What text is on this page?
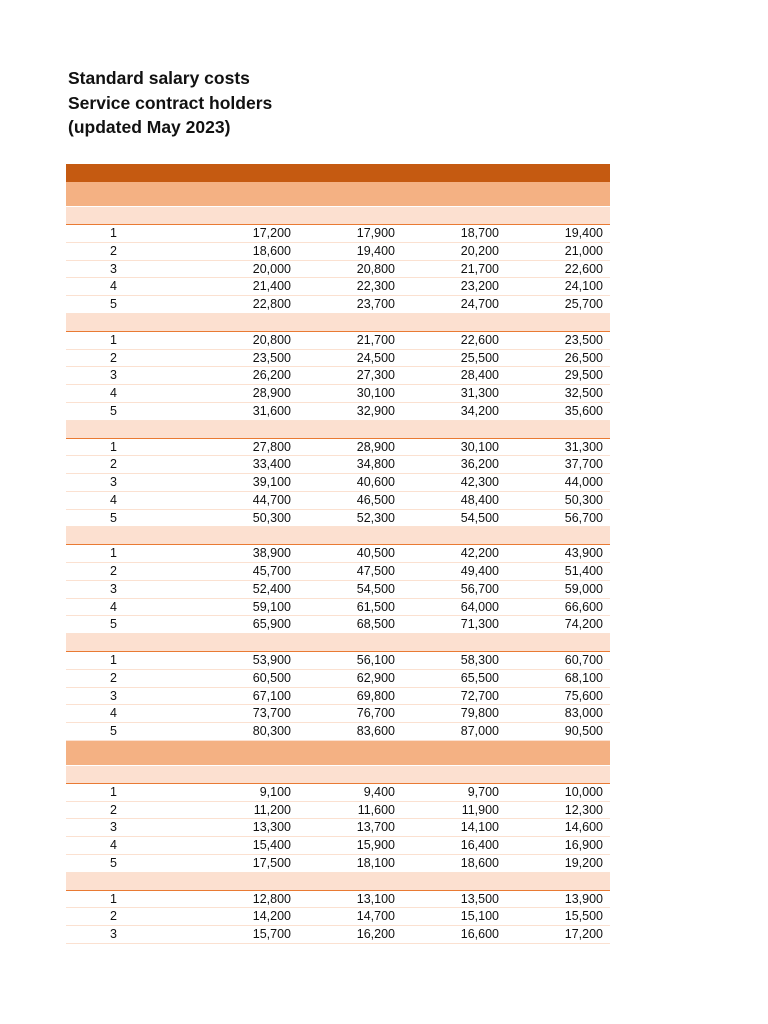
Standard salary costs
Service contract holders
(updated May 2023)
1	17,200	17,900	18,700	19,400
2	18,600	19,400	20,200	21,000
3	20,000	20,800	21,700	22,600
4	21,400	22,300	23,200	24,100
5	22,800	23,700	24,700	25,700
1	20,800	21,700	22,600	23,500
2	23,500	24,500	25,500	26,500
3	26,200	27,300	28,400	29,500
4	28,900	30,100	31,300	32,500
5	31,600	32,900	34,200	35,600
1	27,800	28,900	30,100	31,300
2	33,400	34,800	36,200	37,700
3	39,100	40,600	42,300	44,000
4	44,700	46,500	48,400	50,300
5	50,300	52,300	54,500	56,700
1	38,900	40,500	42,200	43,900
2	45,700	47,500	49,400	51,400
3	52,400	54,500	56,700	59,000
4	59,100	61,500	64,000	66,600
5	65,900	68,500	71,300	74,200
1	53,900	56,100	58,300	60,700
2	60,500	62,900	65,500	68,100
3	67,100	69,800	72,700	75,600
4	73,700	76,700	79,800	83,000
5	80,300	83,600	87,000	90,500
1	9,100	9,400	9,700	10,000
2	11,200	11,600	11,900	12,300
3	13,300	13,700	14,100	14,600
4	15,400	15,900	16,400	16,900
5	17,500	18,100	18,600	19,200
1	12,800	13,100	13,500	13,900
2	14,200	14,700	15,100	15,500
3	15,700	16,200	16,600	17,200
